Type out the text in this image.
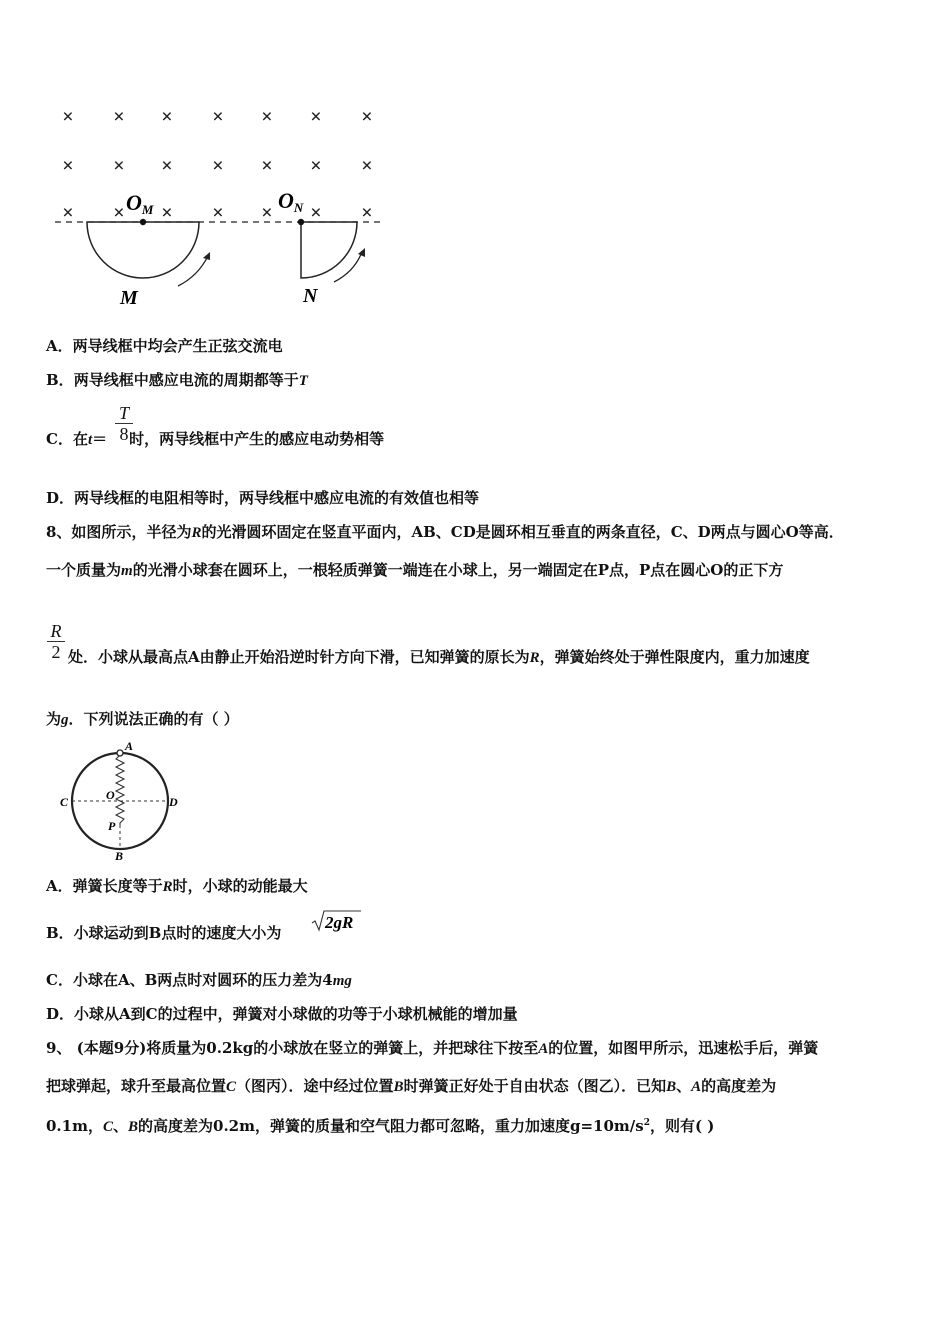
× × × × × × ×
× × × × × × ×
× × × × × × ×
OM	ON
M	N
A．两导线框中均会产生正弦交流电
B．两导线框中感应电流的周期都等于T
C．在t＝ 时，两导线框中产生的感应电动势相等
T
8
D．两导线框的电阻相等时，两导线框中感应电流的有效值也相等
8、如图所示，半径为R的光滑圆环固定在竖直平面内，AB、CD是圆环相互垂直的两条直径，C、D两点与圆心O等高．
一个质量为m的光滑小球套在圆环上，一根轻质弹簧一端连在小球上，另一端固定在P点，P点在圆心O的正下方
R
2 处．小球从最高点A由静止开始沿逆时针方向下滑，已知弹簧的原长为R，弹簧始终处于弹性限度内，重力加速度
为g．下列说法正确的有（ ）
A
B
C	D
O
P
A．弹簧长度等于R时，小球的动能最大
B．小球运动到B点时的速度大小为
2gR
C．小球在A、B两点时对圆环的压力差为4mg
D．小球从A到C的过程中，弹簧对小球做的功等于小球机械能的增加量
9、 (本题9分)将质量为0.2kg的小球放在竖立的弹簧上，并把球往下按至A的位置，如图甲所示，迅速松手后，弹簧
把球弹起，球升至最高位置C（图丙）．途中经过位置B时弹簧正好处于自由状态（图乙）．已知B、A的高度差为
0.1m，C、B的高度差为0.2m，弹簧的质量和空气阻力都可忽略，重力加速度$g=10m/s^2$，则有( )
